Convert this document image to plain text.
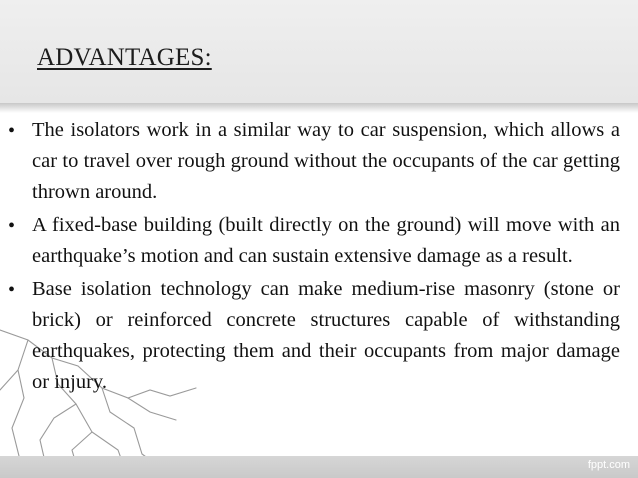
ADVANTAGES:
• The isolators work in a similar way to car suspension, which allows a car to travel over rough ground without the occupants of the car getting thrown around.
• A fixed-base building (built directly on the ground) will move with an earthquake’s motion and can sustain extensive damage as a result.
• Base isolation technology can make medium-rise masonry (stone or brick) or reinforced concrete structures capable of withstanding earthquakes, protecting them and their occupants from major damage or injury.
fppt.com
